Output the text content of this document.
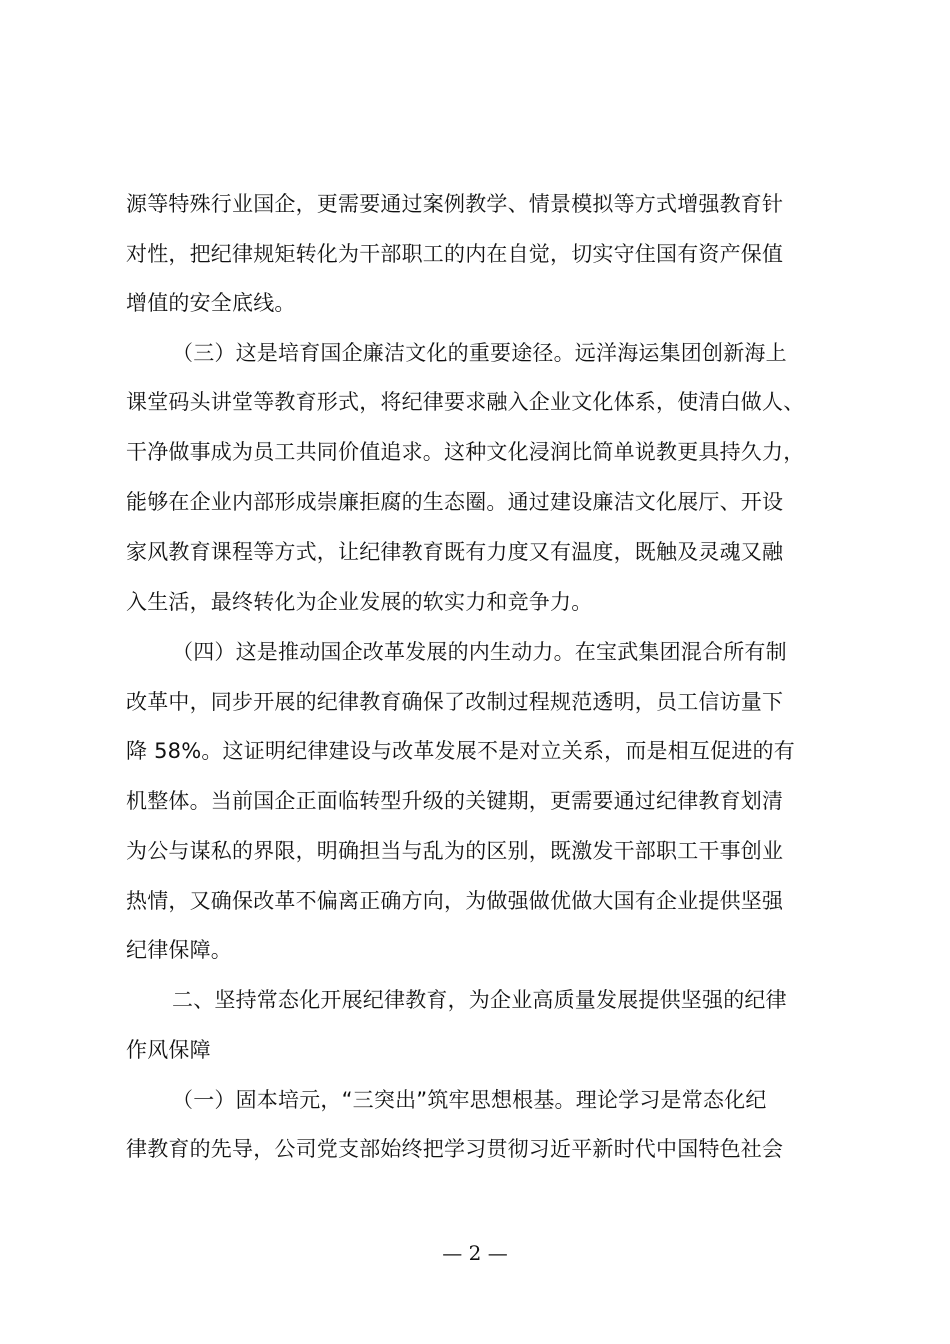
源等特殊行业国企，更需要通过案例教学、情景模拟等方式增强教育针
对性，把纪律规矩转化为干部职工的内在自觉，切实守住国有资产保值
增值的安全底线。
（三）这是培育国企廉洁文化的重要途径。远洋海运集团创新海上
课堂码头讲堂等教育形式，将纪律要求融入企业文化体系，使清白做人、
干净做事成为员工共同价值追求。这种文化浸润比简单说教更具持久力，
能够在企业内部形成崇廉拒腐的生态圈。通过建设廉洁文化展厅、开设
家风教育课程等方式，让纪律教育既有力度又有温度，既触及灵魂又融
入生活，最终转化为企业发展的软实力和竞争力。
（四）这是推动国企改革发展的内生动力。在宝武集团混合所有制
改革中，同步开展的纪律教育确保了改制过程规范透明，员工信访量下
降 58%。这证明纪律建设与改革发展不是对立关系，而是相互促进的有
机整体。当前国企正面临转型升级的关键期，更需要通过纪律教育划清
为公与谋私的界限，明确担当与乱为的区别，既激发干部职工干事创业
热情，又确保改革不偏离正确方向，为做强做优做大国有企业提供坚强
纪律保障。
二、坚持常态化开展纪律教育，为企业高质量发展提供坚强的纪律
作风保障
（一）固本培元，“三突出”筑牢思想根基。理论学习是常态化纪
律教育的先导，公司党支部始终把学习贯彻习近平新时代中国特色社会
— 2 —
